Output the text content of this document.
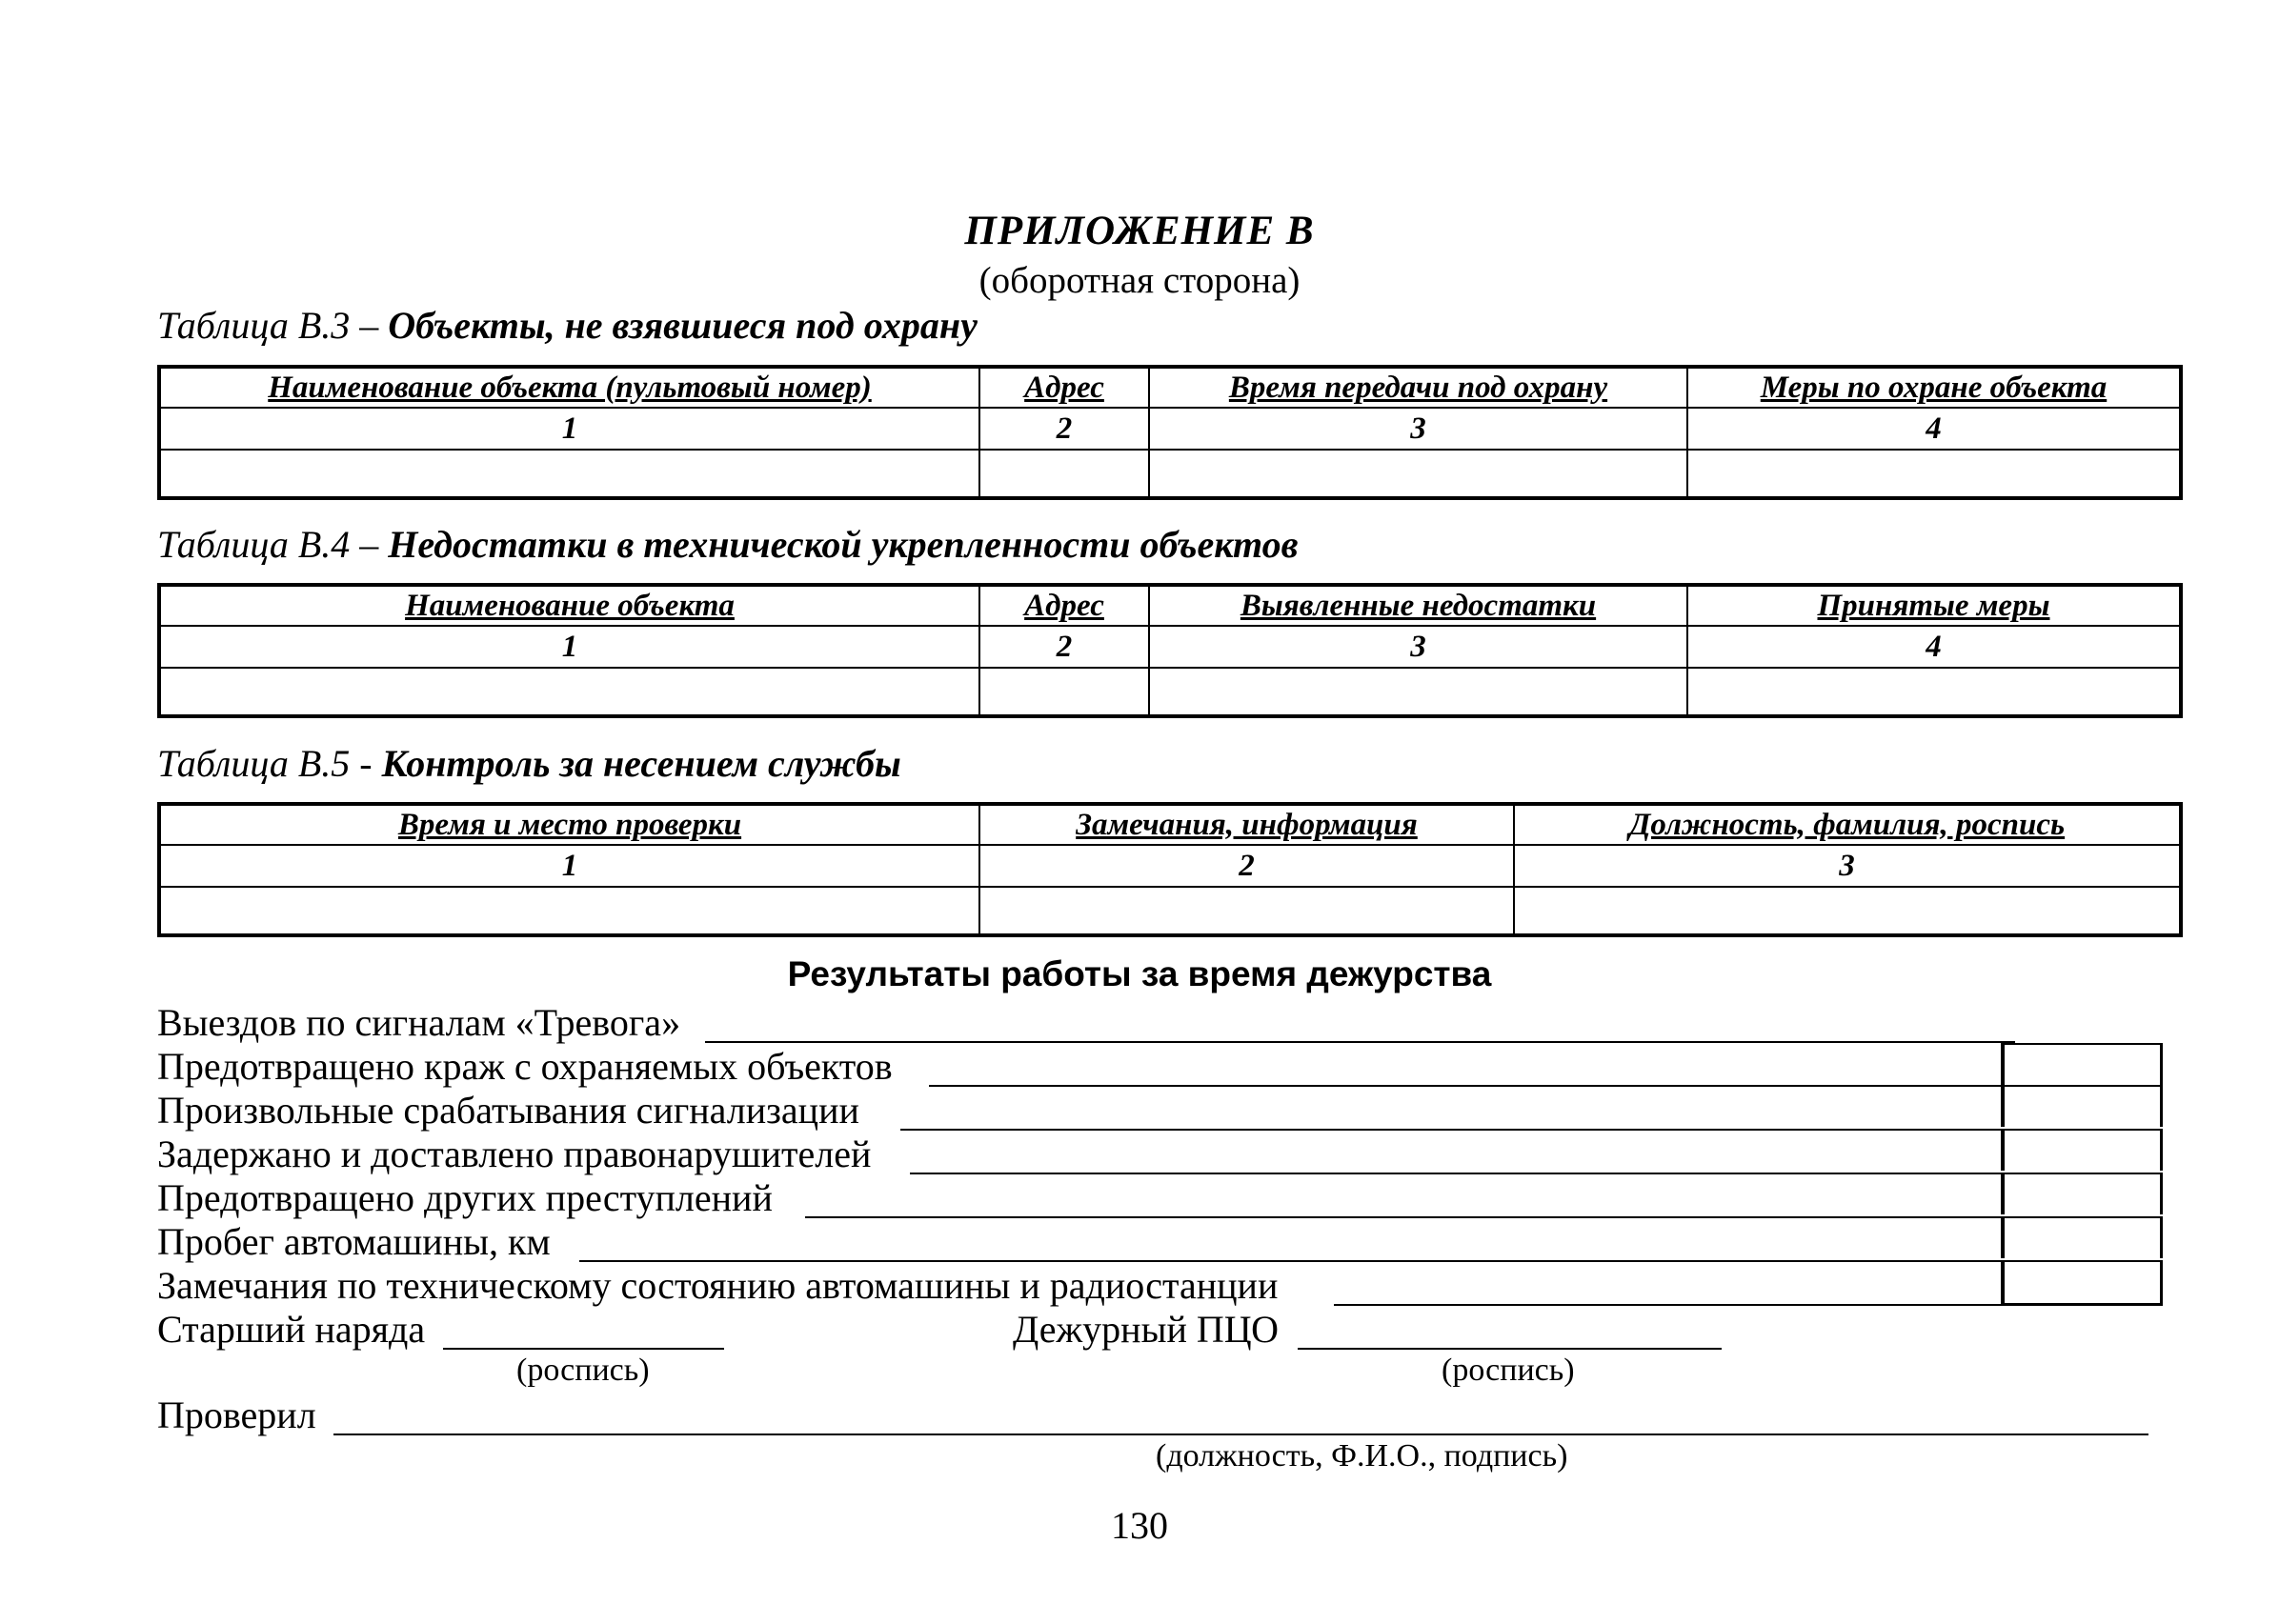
ПРИЛОЖЕНИЕ В
(оборотная сторона)
Таблица В.3 – Объекты, не взявшиеся под охрану
Наименование объекта (пультовый номер)	Адрес	Время передачи под охрану	Меры по охране объекта
1	2	3	4

Таблица В.4 – Недостатки в технической укрепленности объектов
Наименование объекта	Адрес	Выявленные недостатки	Принятые меры
1	2	3	4

Таблица В.5 - Контроль за несением службы
Время и место проверки	Замечания, информация	Должность, фамилия, роспись
1	2	3

Результаты работы за время дежурства
Выездов по сигналам «Тревога»
Предотвращено краж с охраняемых объектов
Произвольные срабатывания сигнализации
Задержано и доставлено правонарушителей
Предотвращено других преступлений
Пробег автомашины, км
Замечания по техническому состоянию автомашины и радиостанции
Старший наряда
(роспись)
Дежурный ПЦО
(роспись)
Проверил
(должность, Ф.И.О., подпись)
130
